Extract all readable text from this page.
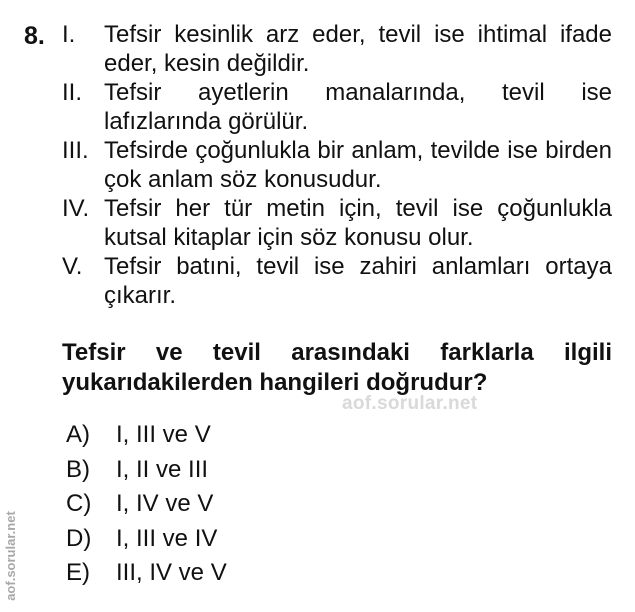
8. I.	Tefsir kesinlik arz eder, tevil ise ihtimal ifade eder, kesin değildir.
II. Tefsir ayetlerin manalarında, tevil ise lafızlarında görülür.
III. Tefsirde çoğunlukla bir anlam, tevilde ise birden çok anlam söz konusudur.
IV. Tefsir her tür metin için, tevil ise çoğunlukla kutsal kitaplar için söz konusu olur.
V. Tefsir batıni, tevil ise zahiri anlamları ortaya çıkarır.
Tefsir ve tevil arasındaki farklarla ilgili yukarıdakilerden hangileri doğrudur?
aof.sorular.net
A)	I, III ve V
B)	I, II ve III
C)	I, IV ve V
D)	I, III ve IV
E)	III, IV ve V
aof.sorular.net
